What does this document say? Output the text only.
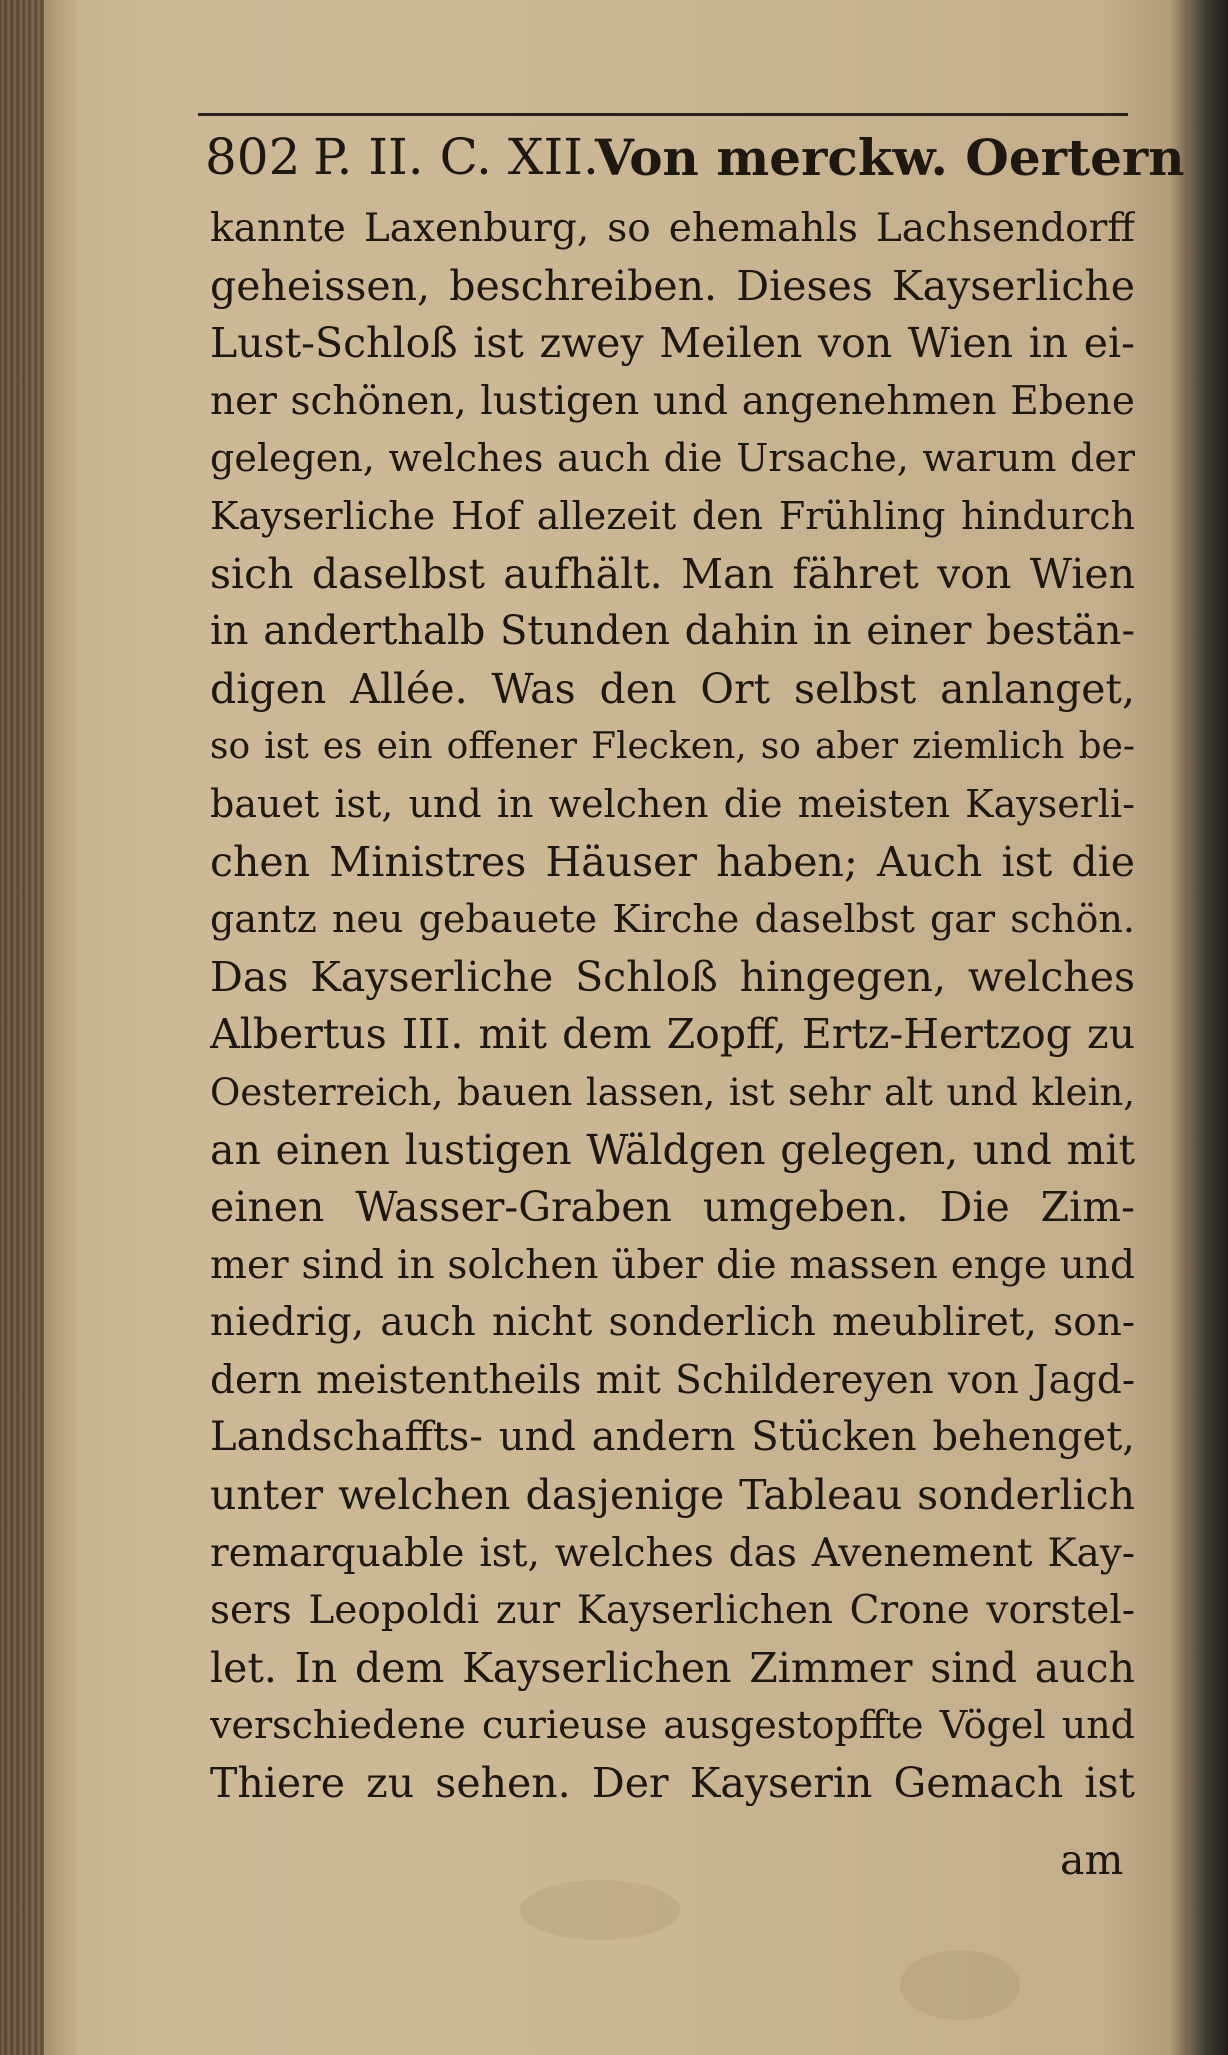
802 P. II. C. XII.
Von merckw. Oertern
kannte Laxenburg, so ehemahls Lachsendorff
geheissen, beschreiben. Dieses Kayserliche
Lust-Schloß ist zwey Meilen von Wien in ei-
ner schönen, lustigen und angenehmen Ebene
gelegen, welches auch die Ursache, warum der
Kayserliche Hof allezeit den Frühling hindurch
sich daselbst aufhält. Man fähret von Wien
in anderthalb Stunden dahin in einer bestän-
digen Allée. Was den Ort selbst anlanget,
so ist es ein offener Flecken, so aber ziemlich be-
bauet ist, und in welchen die meisten Kayserli-
chen Ministres Häuser haben; Auch ist die
gantz neu gebauete Kirche daselbst gar schön.
Das Kayserliche Schloß hingegen, welches
Albertus III. mit dem Zopff, Ertz-Hertzog zu
Oesterreich, bauen lassen, ist sehr alt und klein,
an einen lustigen Wäldgen gelegen, und mit
einen Wasser-Graben umgeben. Die Zim-
mer sind in solchen über die massen enge und
niedrig, auch nicht sonderlich meubliret, son-
dern meistentheils mit Schildereyen von Jagd-
Landschaffts- und andern Stücken behenget,
unter welchen dasjenige Tableau sonderlich
remarquable ist, welches das Avenement Kay-
sers Leopoldi zur Kayserlichen Crone vorstel-
let. In dem Kayserlichen Zimmer sind auch
verschiedene curieuse ausgestopffte Vögel und
Thiere zu sehen. Der Kayserin Gemach ist
am
